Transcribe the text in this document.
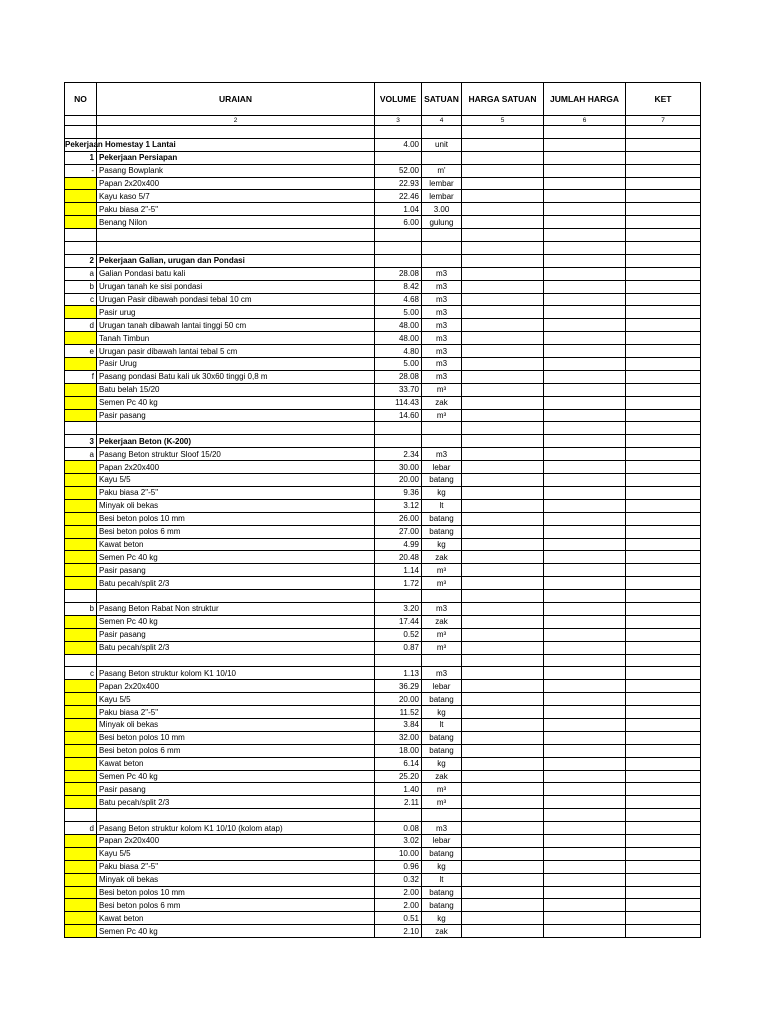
NO	URAIAN	VOLUME	SATUAN	HARGA SATUAN	JUMLAH HARGA	KET
	2	3	4	5	6	7

	Pekerjaan Homestay 1 Lantai	4.00	unit			
1	Pekerjaan Persiapan					
-	Pasang Bowplank	52.00	m'			
	Papan 2x20x400	22.93	lembar			
	Kayu kaso 5/7	22.46	lembar			
	Paku biasa 2"-5"	1.04	3.00			
	Benang Nilon	6.00	gulung			

2	Pekerjaan Galian, urugan dan Pondasi					
a	Galian Pondasi batu kali	28.08	m3			
b	Urugan tanah ke sisi pondasi	8.42	m3			
c	Urugan Pasir dibawah pondasi tebal 10 cm	4.68	m3			
	Pasir urug	5.00	m3			
d	Urugan tanah dibawah lantai tinggi 50 cm	48.00	m3			
	Tanah Timbun	48.00	m3			
e	Urugan pasir dibawah lantai tebal 5 cm	4.80	m3			
	Pasir Urug	5.00	m3			
f	Pasang pondasi Batu kali uk 30x60 tinggi 0,8 m	28.08	m3			
	Batu belah 15/20	33.70	m³			
	Semen Pc 40 kg	114.43	zak			
	Pasir pasang	14.60	m³			

3	Pekerjaan Beton (K-200)					
a	Pasang Beton struktur Sloof 15/20	2.34	m3			
	Papan 2x20x400	30.00	lebar			
	Kayu 5/5	20.00	batang			
	Paku biasa 2"-5"	9.36	kg			
	Minyak oli bekas	3.12	lt			
	Besi beton polos 10 mm	26.00	batang			
	Besi beton polos 6 mm	27.00	batang			
	Kawat beton	4.99	kg			
	Semen Pc 40 kg	20.48	zak			
	Pasir pasang	1.14	m³			
	Batu pecah/split 2/3	1.72	m³			

b	Pasang Beton Rabat Non struktur	3.20	m3			
	Semen Pc 40 kg	17.44	zak			
	Pasir pasang	0.52	m³			
	Batu pecah/split 2/3	0.87	m³			

c	Pasang Beton struktur kolom K1 10/10	1.13	m3			
	Papan 2x20x400	36.29	lebar			
	Kayu 5/5	20.00	batang			
	Paku biasa 2"-5"	11.52	kg			
	Minyak oli bekas	3.84	lt			
	Besi beton polos 10 mm	32.00	batang			
	Besi beton polos 6 mm	18.00	batang			
	Kawat beton	6.14	kg			
	Semen Pc 40 kg	25.20	zak			
	Pasir pasang	1.40	m³			
	Batu pecah/split 2/3	2.11	m³			

d	Pasang Beton struktur kolom K1 10/10 (kolom atap)	0.08	m3			
	Papan 2x20x400	3.02	lebar			
	Kayu 5/5	10.00	batang			
	Paku biasa 2"-5"	0.96	kg			
	Minyak oli bekas	0.32	lt			
	Besi beton polos 10 mm	2.00	batang			
	Besi beton polos 6 mm	2.00	batang			
	Kawat beton	0.51	kg			
	Semen Pc 40 kg	2.10	zak			
